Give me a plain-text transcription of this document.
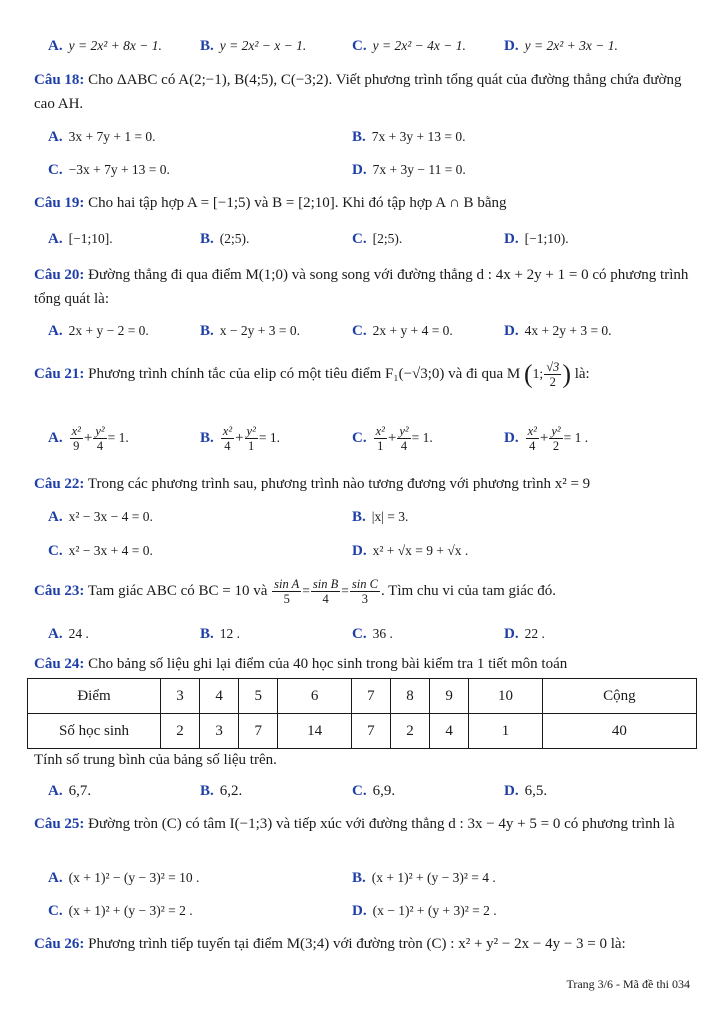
A. y = 2x² + 8x − 1.	B. y = 2x² − x − 1.	C. y = 2x² − 4x − 1.	D. y = 2x² + 3x − 1.
Câu 18: Cho ΔABC có A(2;−1), B(4;5), C(−3;2). Viết phương trình tổng quát của đường thẳng chứa đường cao AH.
A. 3x + 7y + 1 = 0.	B. 7x + 3y + 13 = 0.
C. −3x + 7y + 13 = 0.	D. 7x + 3y − 11 = 0.
Câu 19: Cho hai tập hợp A = [−1;5) và B = [2;10]. Khi đó tập hợp A ∩ B bằng
A. [−1;10].	B. (2;5).	C. [2;5).	D. [−1;10).
Câu 20: Đường thẳng đi qua điểm M(1;0) và song song với đường thẳng d : 4x + 2y + 1 = 0 có phương trình tổng quát là:
A. 2x + y − 2 = 0.	B. x − 2y + 3 = 0.	C. 2x + y + 4 = 0.	D. 4x + 2y + 3 = 0.
Câu 21: Phương trình chính tắc của elip có một tiêu điểm F₁(−√3;0) và đi qua M (1; $\frac{√3}{2}$ ) là:
A. $\frac{\text{x²}}{9} + \frac{\text{y²}}{4} = 1$.	B. $\frac{\text{x²}}{4} + \frac{\text{y²}}{1} = 1$.	C. $\frac{\text{x²}}{1} + \frac{\text{y²}}{4} = 1$.	D. $\frac{\text{x²}}{4} + \frac{\text{y²}}{2} = 1$ .
Câu 22: Trong các phương trình sau, phương trình nào tương đương với phương trình x² = 9
A. x² − 3x − 4 = 0.	B. |x| = 3.
C. x² − 3x + 4 = 0.	D. x² + √x = 9 + √x .
Câu 23: Tam giác ABC có BC = 10 và $\frac{\text{sin A}}{5} = \frac{\text{sin B}}{4} = \frac{\text{sin C}}{3}$ . Tìm chu vi của tam giác đó.
A. 24 .	B. 12 .	C. 36 .	D. 22 .
Câu 24: Cho bảng số liệu ghi lại điểm của 40 học sinh trong bài kiểm tra 1 tiết môn toán
Điểm	3	4	5	6	7	8	9	10	Cộng
Số học sinh	2	3	7	14	7	2	4	1	40
Tính số trung bình của bảng số liệu trên.
A. 6,7.	B. 6,2.	C. 6,9.	D. 6,5.
Câu 25: Đường tròn (C) có tâm I(−1;3) và tiếp xúc với đường thẳng d : 3x − 4y + 5 = 0 có phương trình là
A. (x + 1)² − (y − 3)² = 10 .	B. (x + 1)² + (y − 3)² = 4 .
C. (x + 1)² + (y − 3)² = 2 .	D. (x − 1)² + (y + 3)² = 2 .
Câu 26: Phương trình tiếp tuyến tại điểm M(3;4) với đường tròn (C) : x² + y² − 2x − 4y − 3 = 0 là:
Trang 3/6 - Mã đề thi 034
